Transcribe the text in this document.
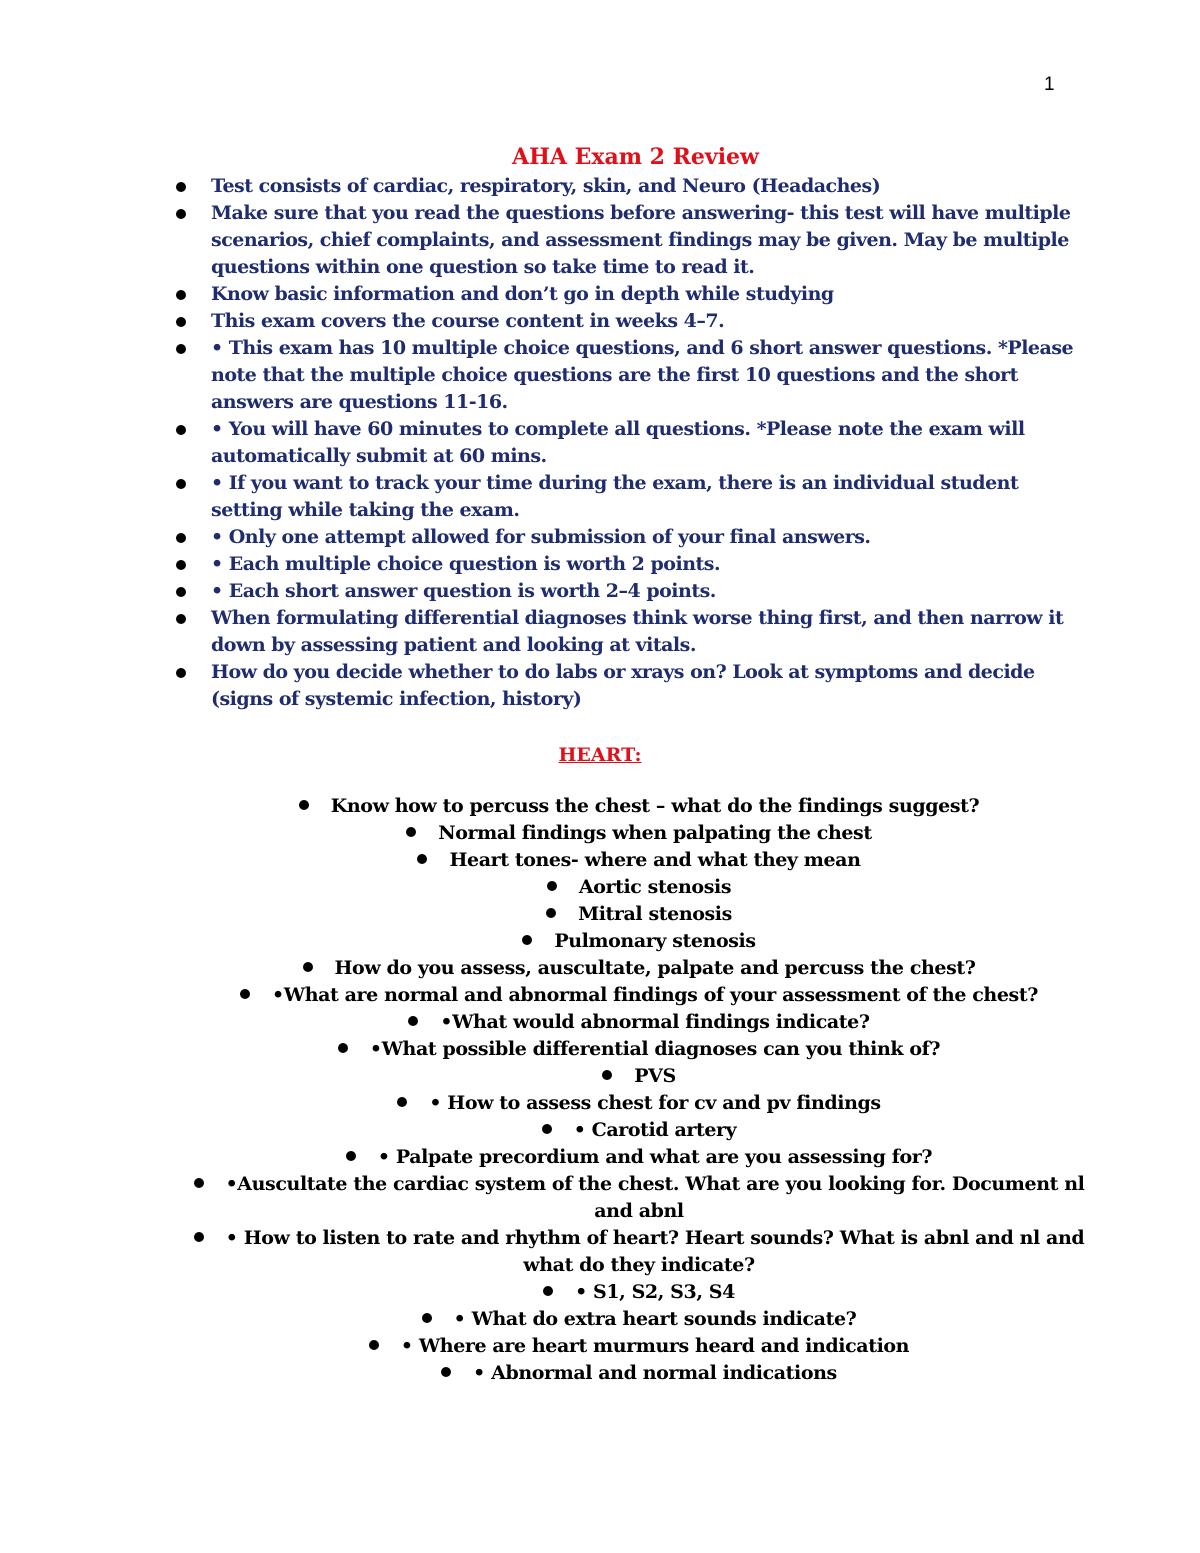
1
AHA Exam 2 Review
Test consists of cardiac, respiratory, skin, and Neuro (Headaches)
Make sure that you read the questions before answering- this test will have multiple scenarios, chief complaints, and assessment findings may be given. May be multiple questions within one question so take time to read it.
Know basic information and don’t go in depth while studying
This exam covers the course content in weeks 4–7.
• This exam has 10 multiple choice questions, and 6 short answer questions. *Please note that the multiple choice questions are the first 10 questions and the short answers are questions 11-16.
• You will have 60 minutes to complete all questions. *Please note the exam will automatically submit at 60 mins.
• If you want to track your time during the exam, there is an individual student setting while taking the exam.
• Only one attempt allowed for submission of your final answers.
• Each multiple choice question is worth 2 points.
• Each short answer question is worth 2–4 points.
When formulating differential diagnoses think worse thing first, and then narrow it down by assessing patient and looking at vitals.
How do you decide whether to do labs or xrays on? Look at symptoms and decide (signs of systemic infection, history)
HEART:
Know how to percuss the chest – what do the findings suggest?
Normal findings when palpating the chest
Heart tones- where and what they mean
Aortic stenosis
Mitral stenosis
Pulmonary stenosis
How do you assess, auscultate, palpate and percuss the chest?
•What are normal and abnormal findings of your assessment of the chest?
•What would abnormal findings indicate?
•What possible differential diagnoses can you think of?
PVS
• How to assess chest for cv and pv findings
• Carotid artery
• Palpate precordium and what are you assessing for?
•Auscultate the cardiac system of the chest. What are you looking for. Document nl and abnl
• How to listen to rate and rhythm of heart? Heart sounds? What is abnl and nl and what do they indicate?
• S1, S2, S3, S4
• What do extra heart sounds indicate?
• Where are heart murmurs heard and indication
• Abnormal and normal indications
